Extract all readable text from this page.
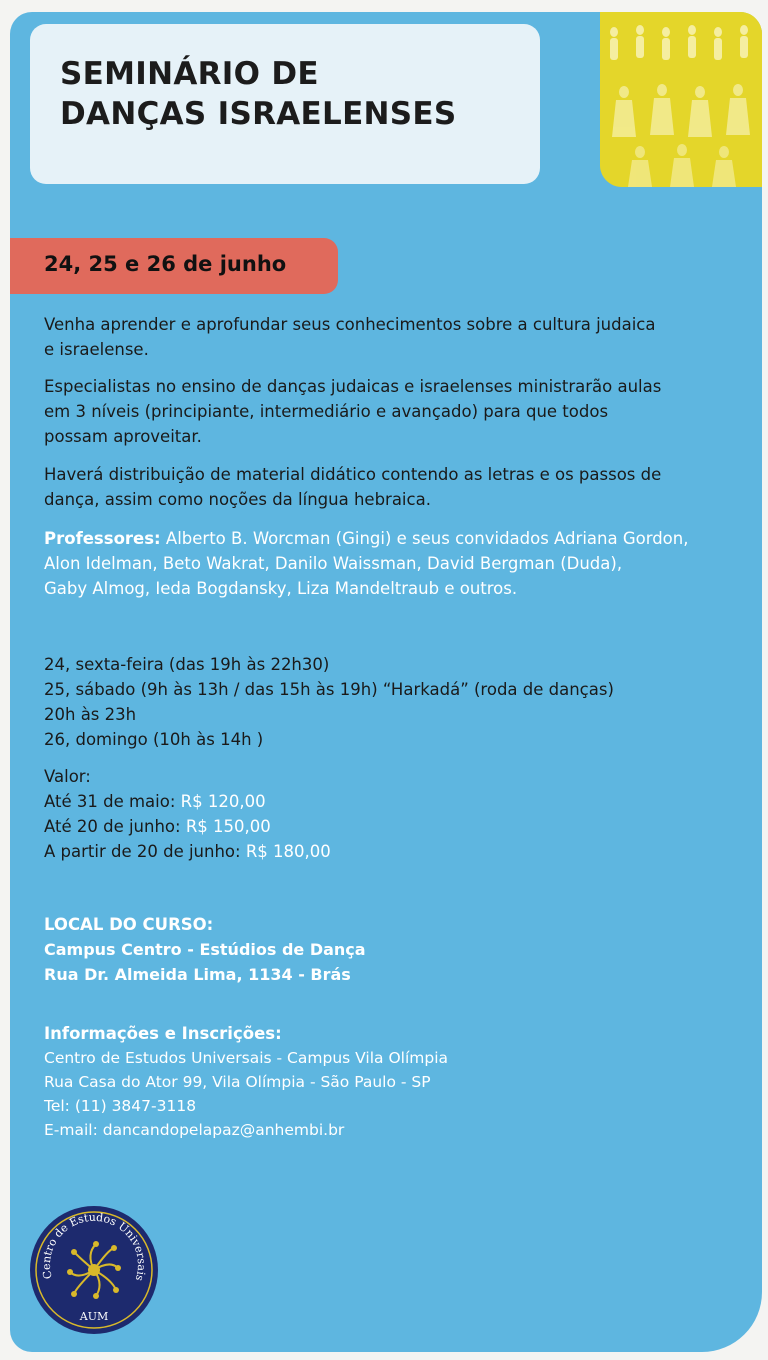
SEMINÁRIO DE
DANÇAS ISRAELENSES
24, 25 e 26 de junho

Venha aprender e aprofundar seus conhecimentos sobre a cultura judaica
e israelense.

Especialistas no ensino de danças judaicas e israelenses ministrarão aulas
em 3 níveis (principiante, intermediário e avançado) para que todos
possam aproveitar.

Haverá distribuição de material didático contendo as letras e os passos de
dança, assim como noções da língua hebraica.

Professores: Alberto B. Worcman (Gingi) e seus convidados Adriana Gordon,
Alon Idelman, Beto Wakrat, Danilo Waissman, David Bergman (Duda),
Gaby Almog, Ieda Bogdansky, Liza Mandeltraub e outros.

24, sexta-feira (das 19h às 22h30)
25, sábado (9h às 13h / das 15h às 19h) “Harkadá” (roda de danças)
20h às 23h
26, domingo (10h às 14h )

Valor:
Até 31 de maio: R$ 120,00
Até 20 de junho: R$ 150,00
A partir de 20 de junho: R$ 180,00

LOCAL DO CURSO:
Campus Centro - Estúdios de Dança
Rua Dr. Almeida Lima, 1134 - Brás

Informações e Inscrições:
Centro de Estudos Universais - Campus Vila Olímpia
Rua Casa do Ator 99, Vila Olímpia - São Paulo - SP
Tel: (11) 3847-3118
E-mail: dancandopelapaz@anhembi.br

Centro de Estudos Universais
AUM
